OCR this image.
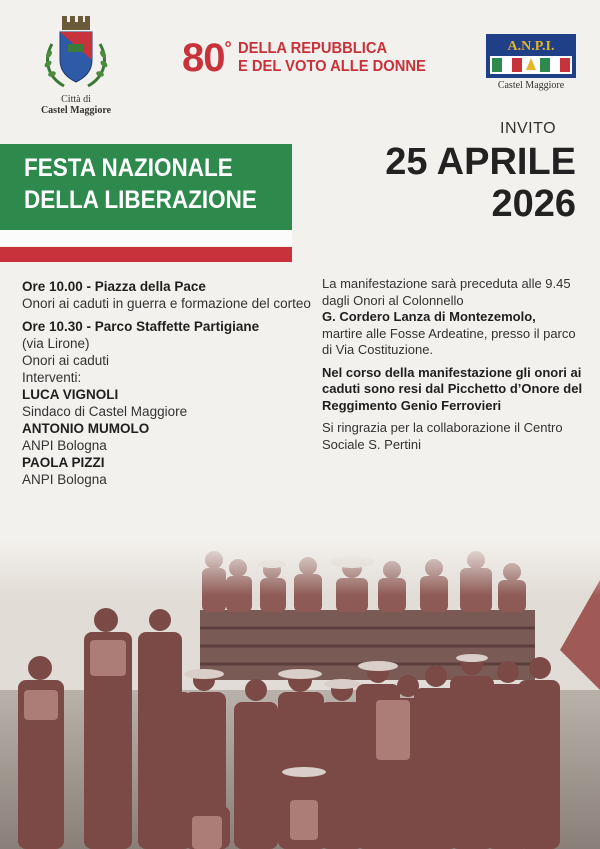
Città di
Castel Maggiore
80 ° DELLA REPUBBLICA
E DEL VOTO ALLE DONNE
A.N.P.I.
Castel Maggiore
INVITO
25 APRILE
2026
FESTA NAZIONALE
DELLA LIBERAZIONE
Ore 10.00 - Piazza della Pace
Onori ai caduti in guerra e formazione del corteo
Ore 10.30 - Parco Staffette Partigiane
(via Lirone)
Onori ai caduti
Interventi:
LUCA VIGNOLI
Sindaco di Castel Maggiore
ANTONIO MUMOLO
ANPI Bologna
PAOLA PIZZI
ANPI Bologna
La manifestazione sarà preceduta alle 9.45 dagli Onori al Colonnello
G. Cordero Lanza di Montezemolo,
martire alle Fosse Ardeatine, presso il parco di Via Costituzione.
Nel corso della manifestazione gli onori ai caduti sono resi dal Picchetto d’Onore del Reggimento Genio Ferrovieri
Si ringrazia per la collaborazione il Centro Sociale S. Pertini
